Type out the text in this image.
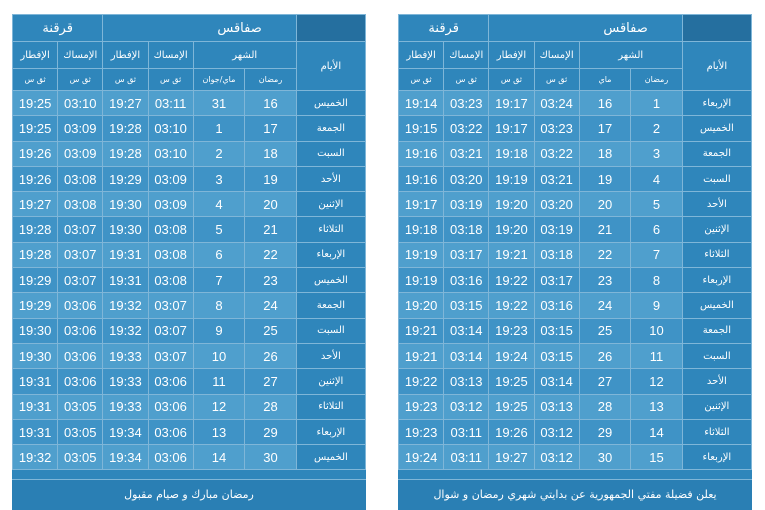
قرقنة		صفاقس				
الإفطار	الإمساك	الإفطار	الإمساك	الشهر		الأيام
ثق س	ثق س	ثق س	ثق س	ماي/جوان	رمضان	
19:25	03:10	19:27	03:11	31	16	الخميس
19:25	03:09	19:28	03:10	1	17	الجمعة
19:26	03:09	19:28	03:10	2	18	السبت
19:26	03:08	19:29	03:09	3	19	الأحد
19:27	03:08	19:30	03:09	4	20	الإثنين
19:28	03:07	19:30	03:08	5	21	الثلاثاء
19:28	03:07	19:31	03:08	6	22	الإربعاء
19:29	03:07	19:31	03:08	7	23	الخميس
19:29	03:06	19:32	03:07	8	24	الجمعة
19:30	03:06	19:32	03:07	9	25	السبت
19:30	03:06	19:33	03:07	10	26	الأحد
19:31	03:06	19:33	03:06	11	27	الإثنين
19:31	03:05	19:33	03:06	12	28	الثلاثاء
19:31	03:05	19:34	03:06	13	29	الإربعاء
19:32	03:05	19:34	03:06	14	30	الخميس
رمضان مبارك و صيام مقبول
قرقنة		صفاقس				
الإفطار	الإمساك	الإفطار	الإمساك	الشهر		الأيام
ثق س	ثق س	ثق س	ثق س	ماي	رمضان	
19:14	03:23	19:17	03:24	16	1	الإربعاء
19:15	03:22	19:17	03:23	17	2	الخميس
19:16	03:21	19:18	03:22	18	3	الجمعة
19:16	03:20	19:19	03:21	19	4	السبت
19:17	03:19	19:20	03:20	20	5	الأحد
19:18	03:18	19:20	03:19	21	6	الإثنين
19:19	03:17	19:21	03:18	22	7	الثلاثاء
19:19	03:16	19:22	03:17	23	8	الإربعاء
19:20	03:15	19:22	03:16	24	9	الخميس
19:21	03:14	19:23	03:15	25	10	الجمعة
19:21	03:14	19:24	03:15	26	11	السبت
19:22	03:13	19:25	03:14	27	12	الأحد
19:23	03:12	19:25	03:13	28	13	الإثنين
19:23	03:11	19:26	03:12	29	14	الثلاثاء
19:24	03:11	19:27	03:12	30	15	الإربعاء
يعلن فضيلة مفتي الجمهورية عن بدايتي شهري رمضان و شوال
